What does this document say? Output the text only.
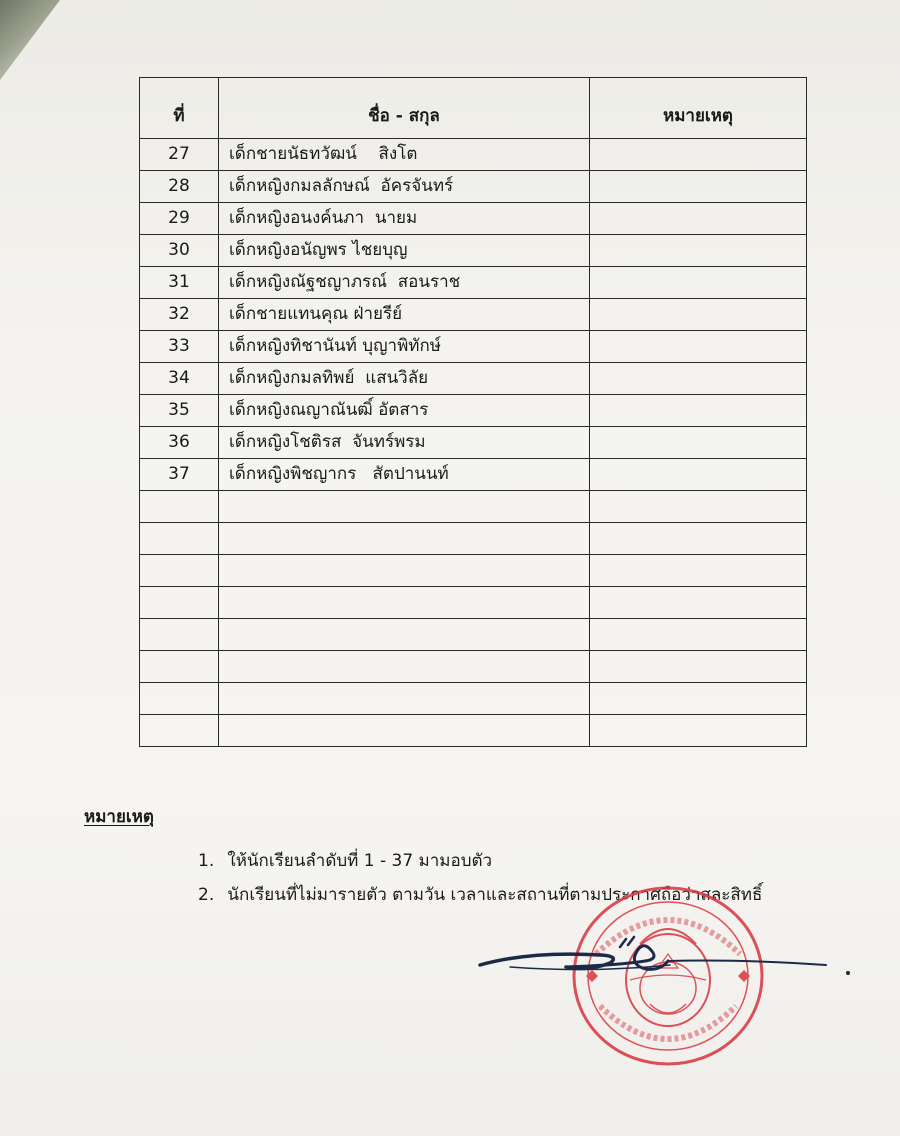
ที่	ชื่อ - สกุล	หมายเหตุ
27	เด็กชายนัธทวัฒน์    สิงโต	
28	เด็กหญิงกมลลักษณ์  อัครจันทร์	
29	เด็กหญิงอนงค์นภา  นายม	
30	เด็กหญิงอนัญพร ไชยบุญ	
31	เด็กหญิงณัฐชญาภรณ์  สอนราช	
32	เด็กชายแทนคุณ ฝ่ายรีย์	
33	เด็กหญิงทิชานันท์ บุญาพิทักษ์	
34	เด็กหญิงกมลทิพย์  แสนวิลัย	
35	เด็กหญิงณญาณันฒิ์ อัตสาร	
36	เด็กหญิงโชติรส  จันทร์พรม	
37	เด็กหญิงพิชญากร   สัตปานนท์	

หมายเหตุ
1. ให้นักเรียนลำดับที่ 1 - 37 มามอบตัว
2. นักเรียนที่ไม่มารายตัว ตามวัน เวลาและสถานที่ตามประกาศถือว่าสละสิทธิ์
